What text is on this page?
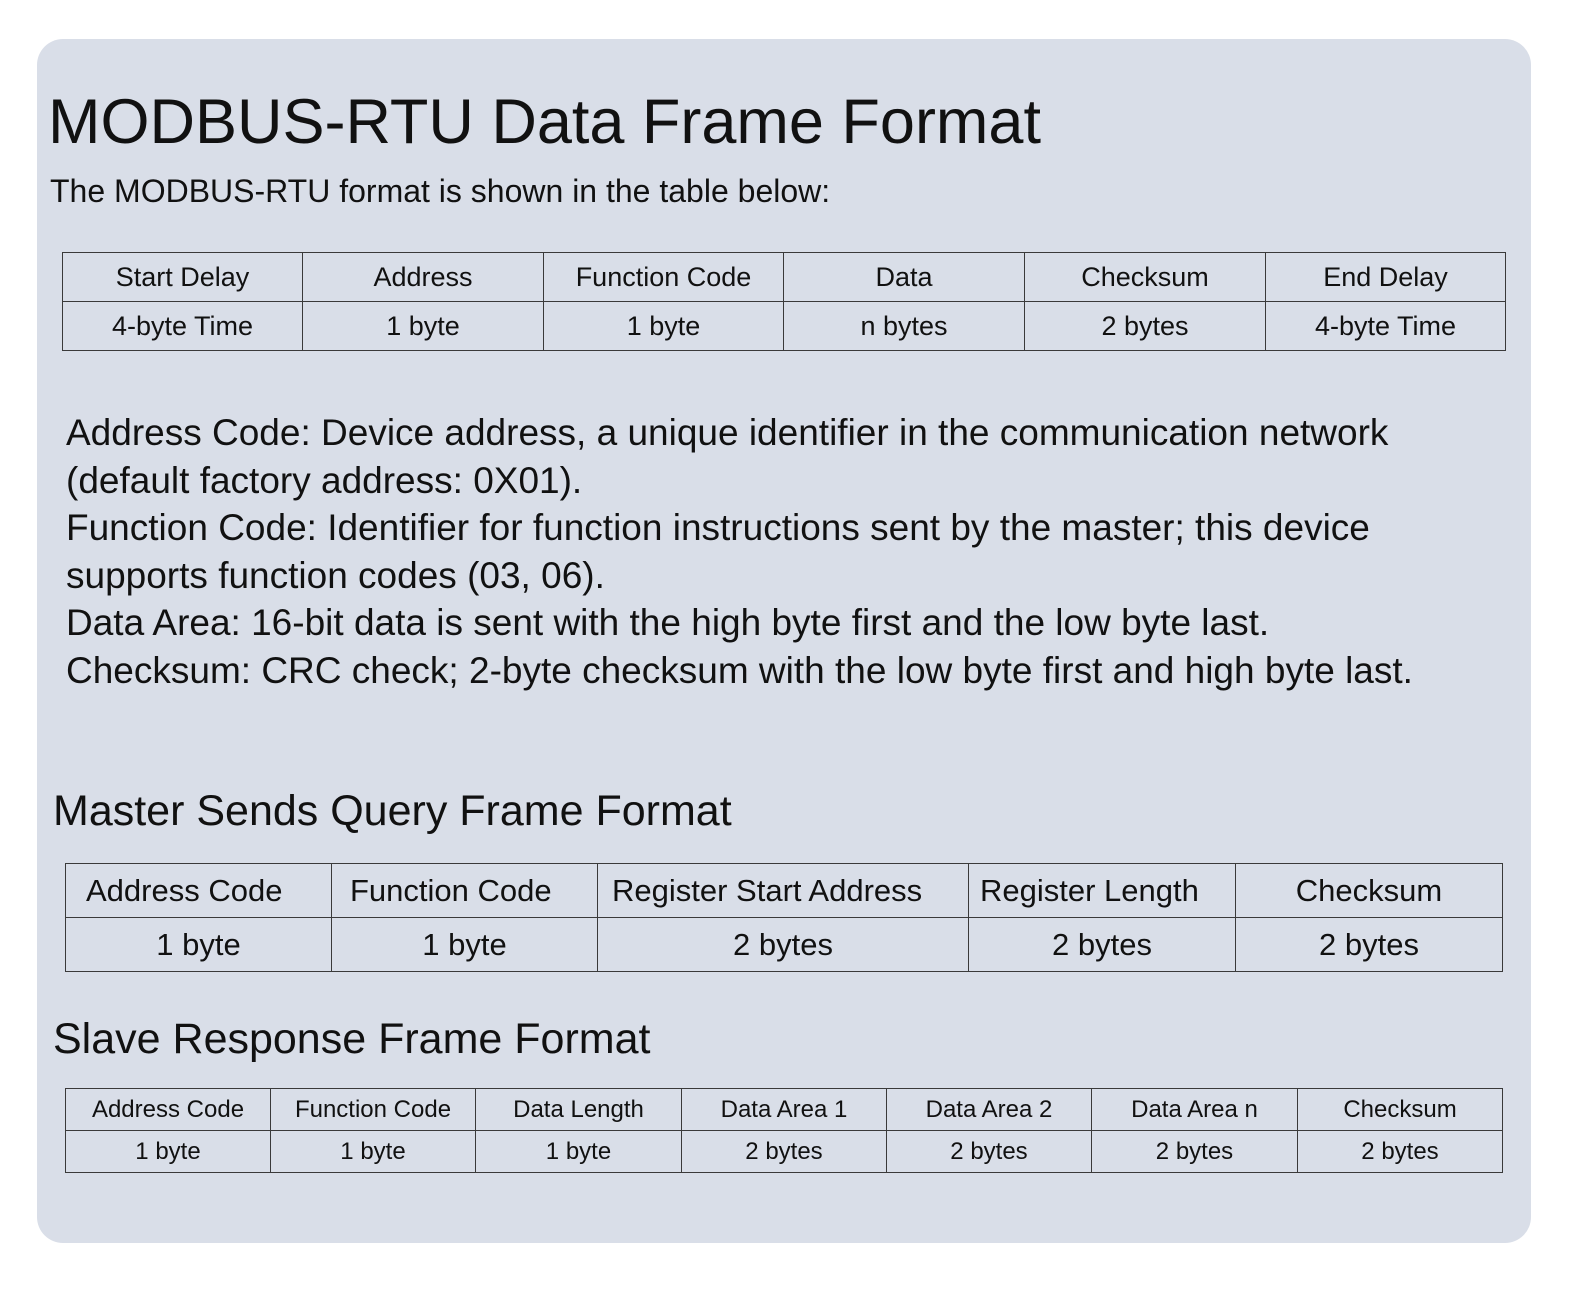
MODBUS-RTU Data Frame Format

The MODBUS-RTU format is shown in the table below:

Start Delay	Address	Function Code	Data	Checksum	End Delay
4-byte Time	1 byte	1 byte	n bytes	2 bytes	4-byte Time

Address Code: Device address, a unique identifier in the communication network

(default factory address: 0X01).

Function Code: Identifier for function instructions sent by the master; this device

supports function codes (03, 06).

Data Area: 16-bit data is sent with the high byte first and the low byte last.

Checksum: CRC check; 2-byte checksum with the low byte first and high byte last.

Master Sends Query Frame Format
Address Code	Function Code	Register Start Address	Register Length	Checksum
1 byte	1 byte	2 bytes	2 bytes	2 bytes
Slave Response Frame Format
Address Code	Function Code	Data Length	Data Area 1	Data Area 2	Data Area n	Checksum
1 byte	1 byte	1 byte	2 bytes	2 bytes	2 bytes	2 bytes
